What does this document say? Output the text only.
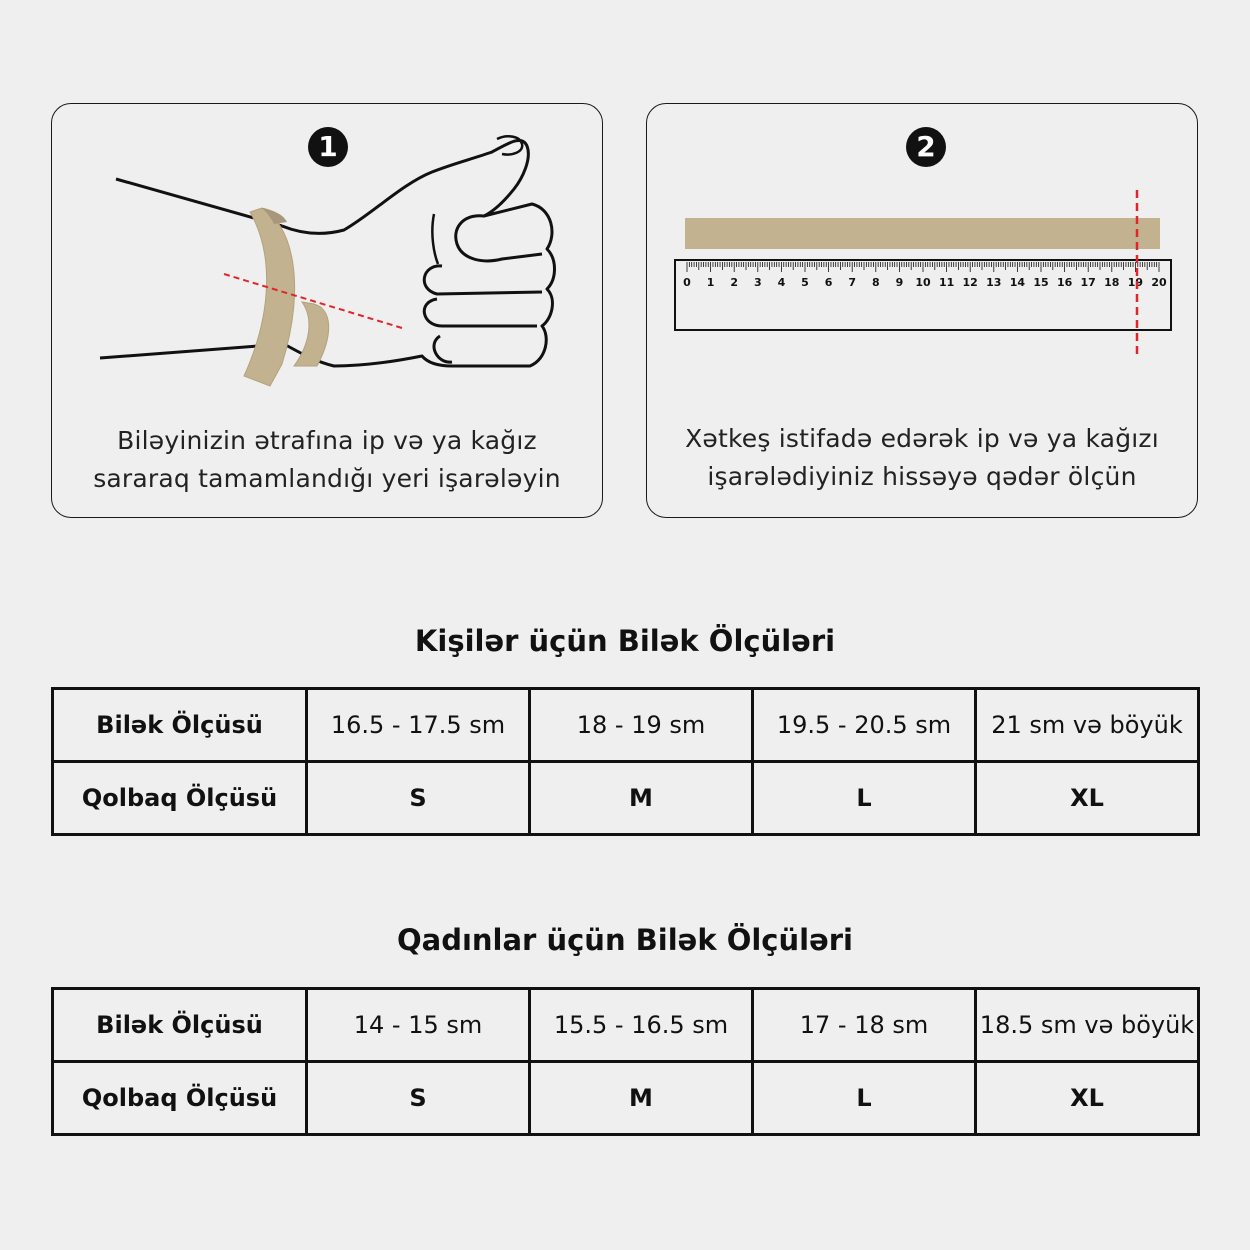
1
Biləyinizin ətrafına ip və ya kağız
sararaq tamamlandığı yeri işarələyin
0 1 2 3 4 5 6 7 8 9 10 11 12 13 14 15 16 17 18 19 20
2
Xətkeş istifadə edərək ip və ya kağızı
işarələdiyiniz hissəyə qədər ölçün
Kişilər üçün Bilək Ölçüləri
Bilək Ölçüsü	16.5 - 17.5 sm	18 - 19 sm	19.5 - 20.5 sm	21 sm və böyük
Qolbaq Ölçüsü	S	M	L	XL
Qadınlar üçün Bilək Ölçüləri
Bilək Ölçüsü	14 - 15 sm	15.5 - 16.5 sm	17 - 18 sm	18.5 sm və böyük
Qolbaq Ölçüsü	S	M	L	XL
